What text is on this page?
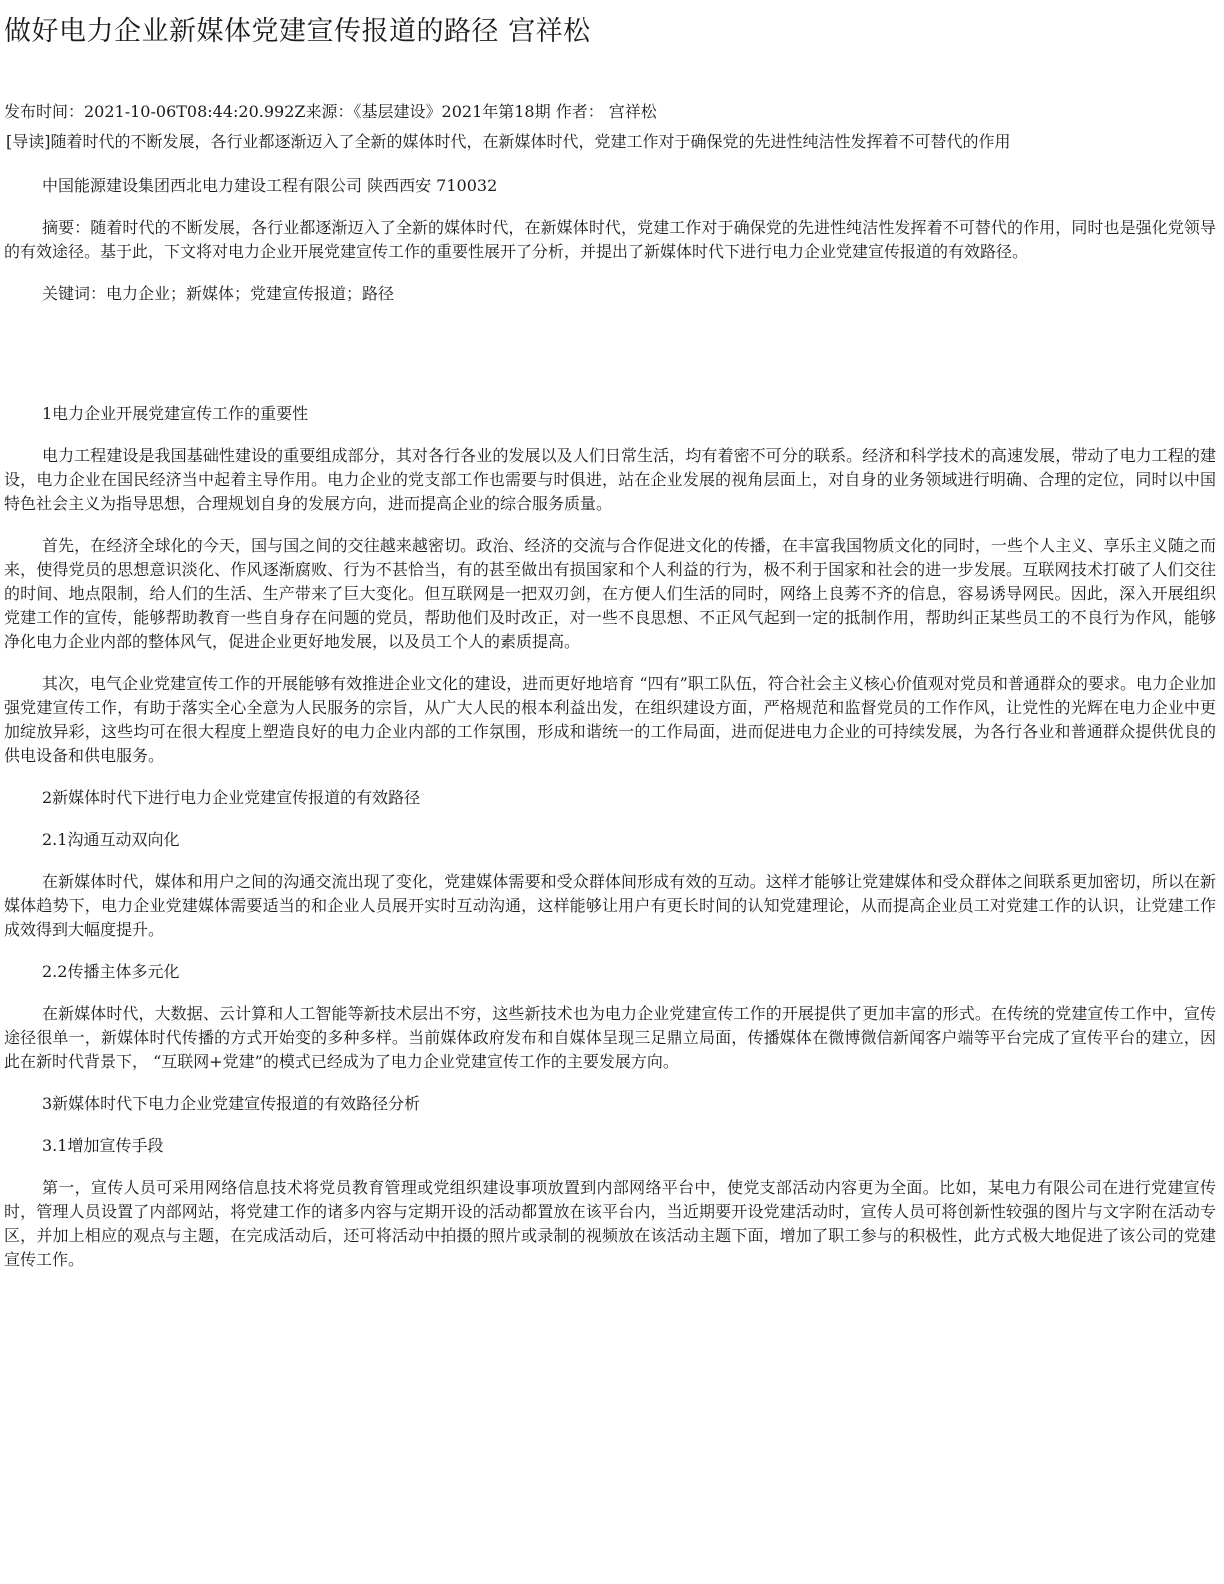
做好电力企业新媒体党建宣传报道的路径 宫祥松
发布时间：2021-10-06T08:44:20.992Z来源：《基层建设》2021年第18期 作者： 宫祥松
[导读]随着时代的不断发展，各行业都逐渐迈入了全新的媒体时代，在新媒体时代，党建工作对于确保党的先进性纯洁性发挥着不可替代的作用

中国能源建设集团西北电力建设工程有限公司 陕西西安 710032

摘要：随着时代的不断发展，各行业都逐渐迈入了全新的媒体时代，在新媒体时代，党建工作对于确保党的先进性纯洁性发挥着不可替代的作用，同时也是强化党领导的有效途径。基于此，下文将对电力企业开展党建宣传工作的重要性展开了分析，并提出了新媒体时代下进行电力企业党建宣传报道的有效路径。

关键词：电力企业；新媒体；党建宣传报道；路径

1电力企业开展党建宣传工作的重要性

电力工程建设是我国基础性建设的重要组成部分，其对各行各业的发展以及人们日常生活，均有着密不可分的联系。经济和科学技术的高速发展，带动了电力工程的建设，电力企业在国民经济当中起着主导作用。电力企业的党支部工作也需要与时俱进，站在企业发展的视角层面上，对自身的业务领域进行明确、合理的定位，同时以中国特色社会主义为指导思想，合理规划自身的发展方向，进而提高企业的综合服务质量。

首先，在经济全球化的今天，国与国之间的交往越来越密切。政治、经济的交流与合作促进文化的传播，在丰富我国物质文化的同时，一些个人主义、享乐主义随之而来，使得党员的思想意识淡化、作风逐渐腐败、行为不甚恰当，有的甚至做出有损国家和个人利益的行为，极不利于国家和社会的进一步发展。互联网技术打破了人们交往的时间、地点限制，给人们的生活、生产带来了巨大变化。但互联网是一把双刃剑，在方便人们生活的同时，网络上良莠不齐的信息，容易诱导网民。因此，深入开展组织党建工作的宣传，能够帮助教育一些自身存在问题的党员，帮助他们及时改正，对一些不良思想、不正风气起到一定的抵制作用，帮助纠正某些员工的不良行为作风，能够净化电力企业内部的整体风气，促进企业更好地发展，以及员工个人的素质提高。

其次，电气企业党建宣传工作的开展能够有效推进企业文化的建设，进而更好地培育 “四有”职工队伍，符合社会主义核心价值观对党员和普通群众的要求。电力企业加强党建宣传工作，有助于落实全心全意为人民服务的宗旨，从广大人民的根本利益出发，在组织建设方面，严格规范和监督党员的工作作风，让党性的光辉在电力企业中更加绽放异彩，这些均可在很大程度上塑造良好的电力企业内部的工作氛围，形成和谐统一的工作局面，进而促进电力企业的可持续发展，为各行各业和普通群众提供优良的供电设备和供电服务。

2新媒体时代下进行电力企业党建宣传报道的有效路径

2.1沟通互动双向化

在新媒体时代，媒体和用户之间的沟通交流出现了变化，党建媒体需要和受众群体间形成有效的互动。这样才能够让党建媒体和受众群体之间联系更加密切，所以在新媒体趋势下，电力企业党建媒体需要适当的和企业人员展开实时互动沟通，这样能够让用户有更长时间的认知党建理论，从而提高企业员工对党建工作的认识，让党建工作成效得到大幅度提升。

2.2传播主体多元化

在新媒体时代，大数据、云计算和人工智能等新技术层出不穷，这些新技术也为电力企业党建宣传工作的开展提供了更加丰富的形式。在传统的党建宣传工作中，宣传途径很单一，新媒体时代传播的方式开始变的多种多样。当前媒体政府发布和自媒体呈现三足鼎立局面，传播媒体在微博微信新闻客户端等平台完成了宣传平台的建立，因此在新时代背景下， “互联网+党建”的模式已经成为了电力企业党建宣传工作的主要发展方向。

3新媒体时代下电力企业党建宣传报道的有效路径分析

3.1增加宣传手段

第一，宣传人员可采用网络信息技术将党员教育管理或党组织建设事项放置到内部网络平台中，使党支部活动内容更为全面。比如，某电力有限公司在进行党建宣传时，管理人员设置了内部网站，将党建工作的诸多内容与定期开设的活动都置放在该平台内，当近期要开设党建活动时，宣传人员可将创新性较强的图片与文字附在活动专区，并加上相应的观点与主题，在完成活动后，还可将活动中拍摄的照片或录制的视频放在该活动主题下面，增加了职工参与的积极性，此方式极大地促进了该公司的党建宣传工作。
